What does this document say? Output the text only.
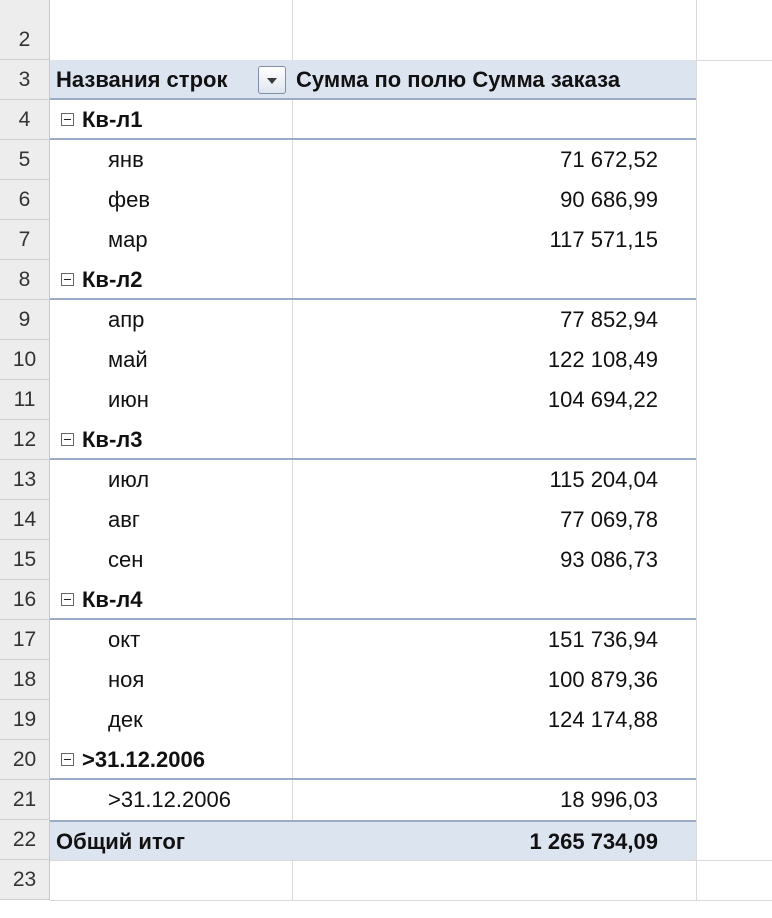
2
3
4
5
6
7
8
9
10
11
12
13
14
15
16
17
18
19
20
21
22
23
Названия строк	Сумма по полю Сумма заказа
Кв-л1
янв	71 672,52
фев	90 686,99
мар	117 571,15
Кв-л2
апр	77 852,94
май	122 108,49
июн	104 694,22
Кв-л3
июл	115 204,04
авг	77 069,78
сен	93 086,73
Кв-л4
окт	151 736,94
ноя	100 879,36
дек	124 174,88
>31.12.2006
>31.12.2006	18 996,03
Общий итог	1 265 734,09
